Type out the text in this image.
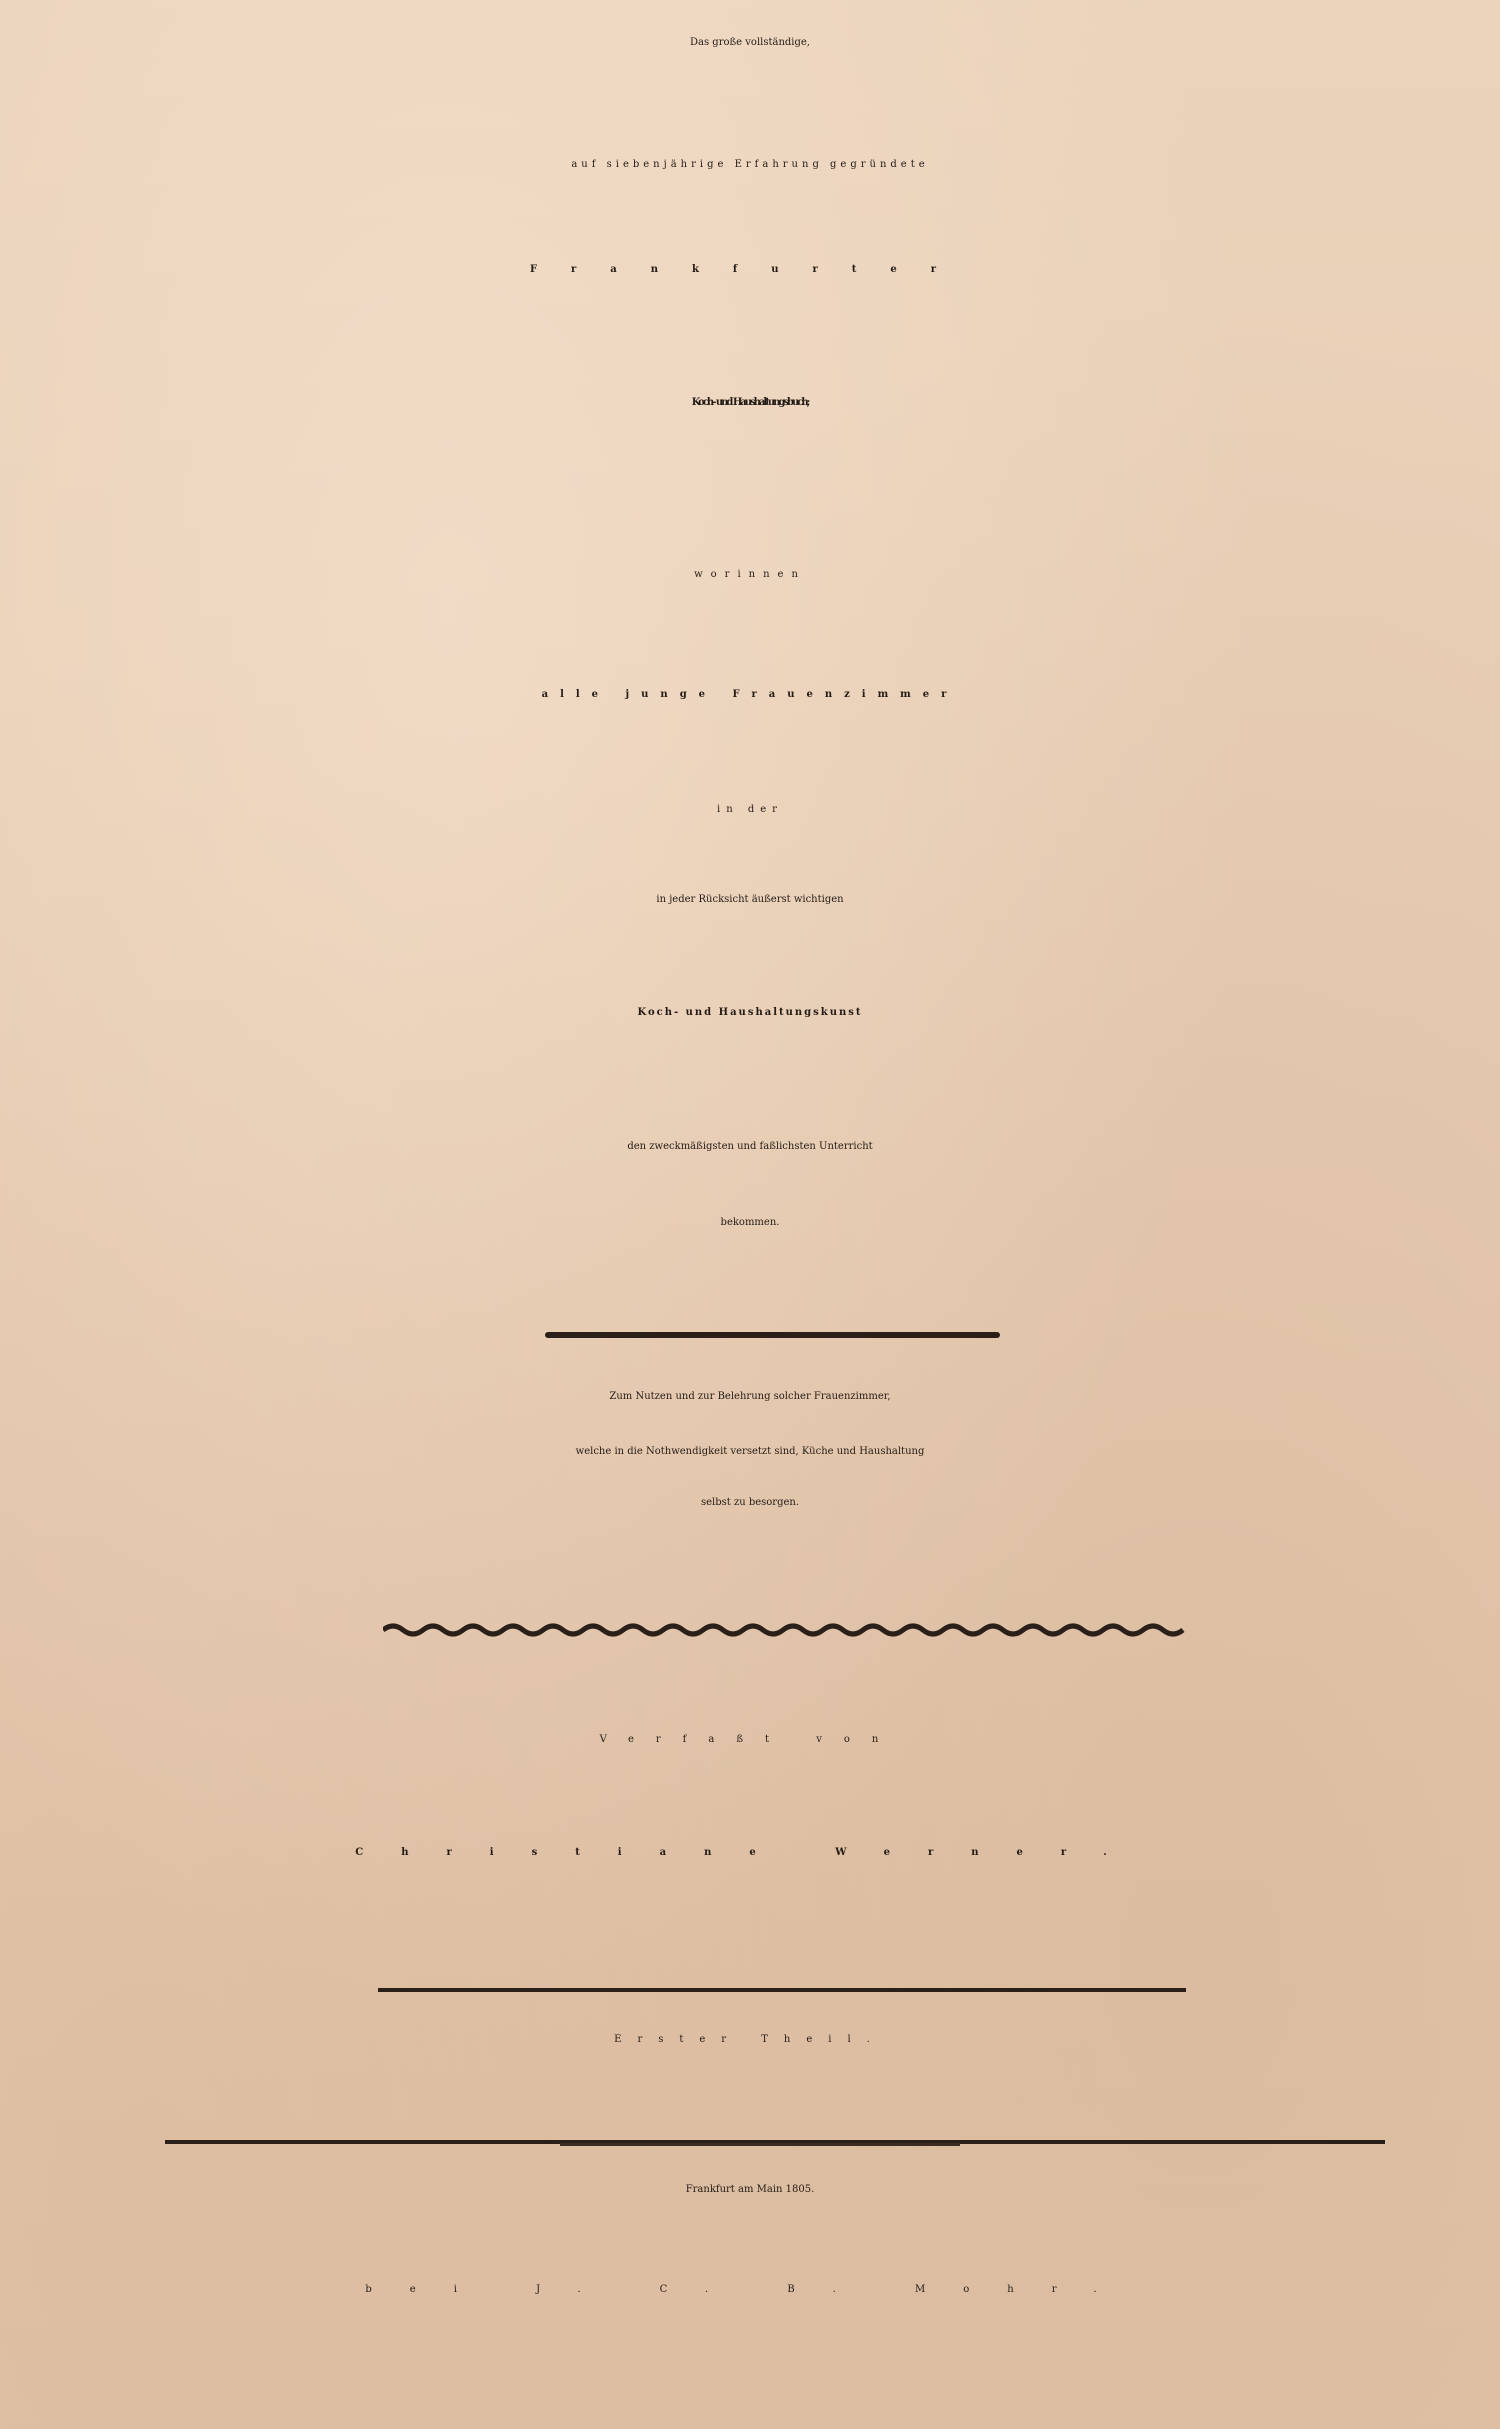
Das große vollständige,
auf siebenjährige Erfahrung gegründete
Frankfurter
Koch- und Haushaltungsbuch;
worinnen
alle junge Frauenzimmer
in der
in jeder Rücksicht äußerst wichtigen
Koch- und Haushaltungskunst
den zweckmäßigsten und faßlichsten Unterricht
bekommen.
Zum Nutzen und zur Belehrung solcher Frauenzimmer,
welche in die Nothwendigkeit versetzt sind, Küche und Haushaltung
selbst zu besorgen.
Verfaßt von
Christiane Werner.
Erster Theil.
Frankfurt am Main 1805.
bei J. C. B. Mohr.
